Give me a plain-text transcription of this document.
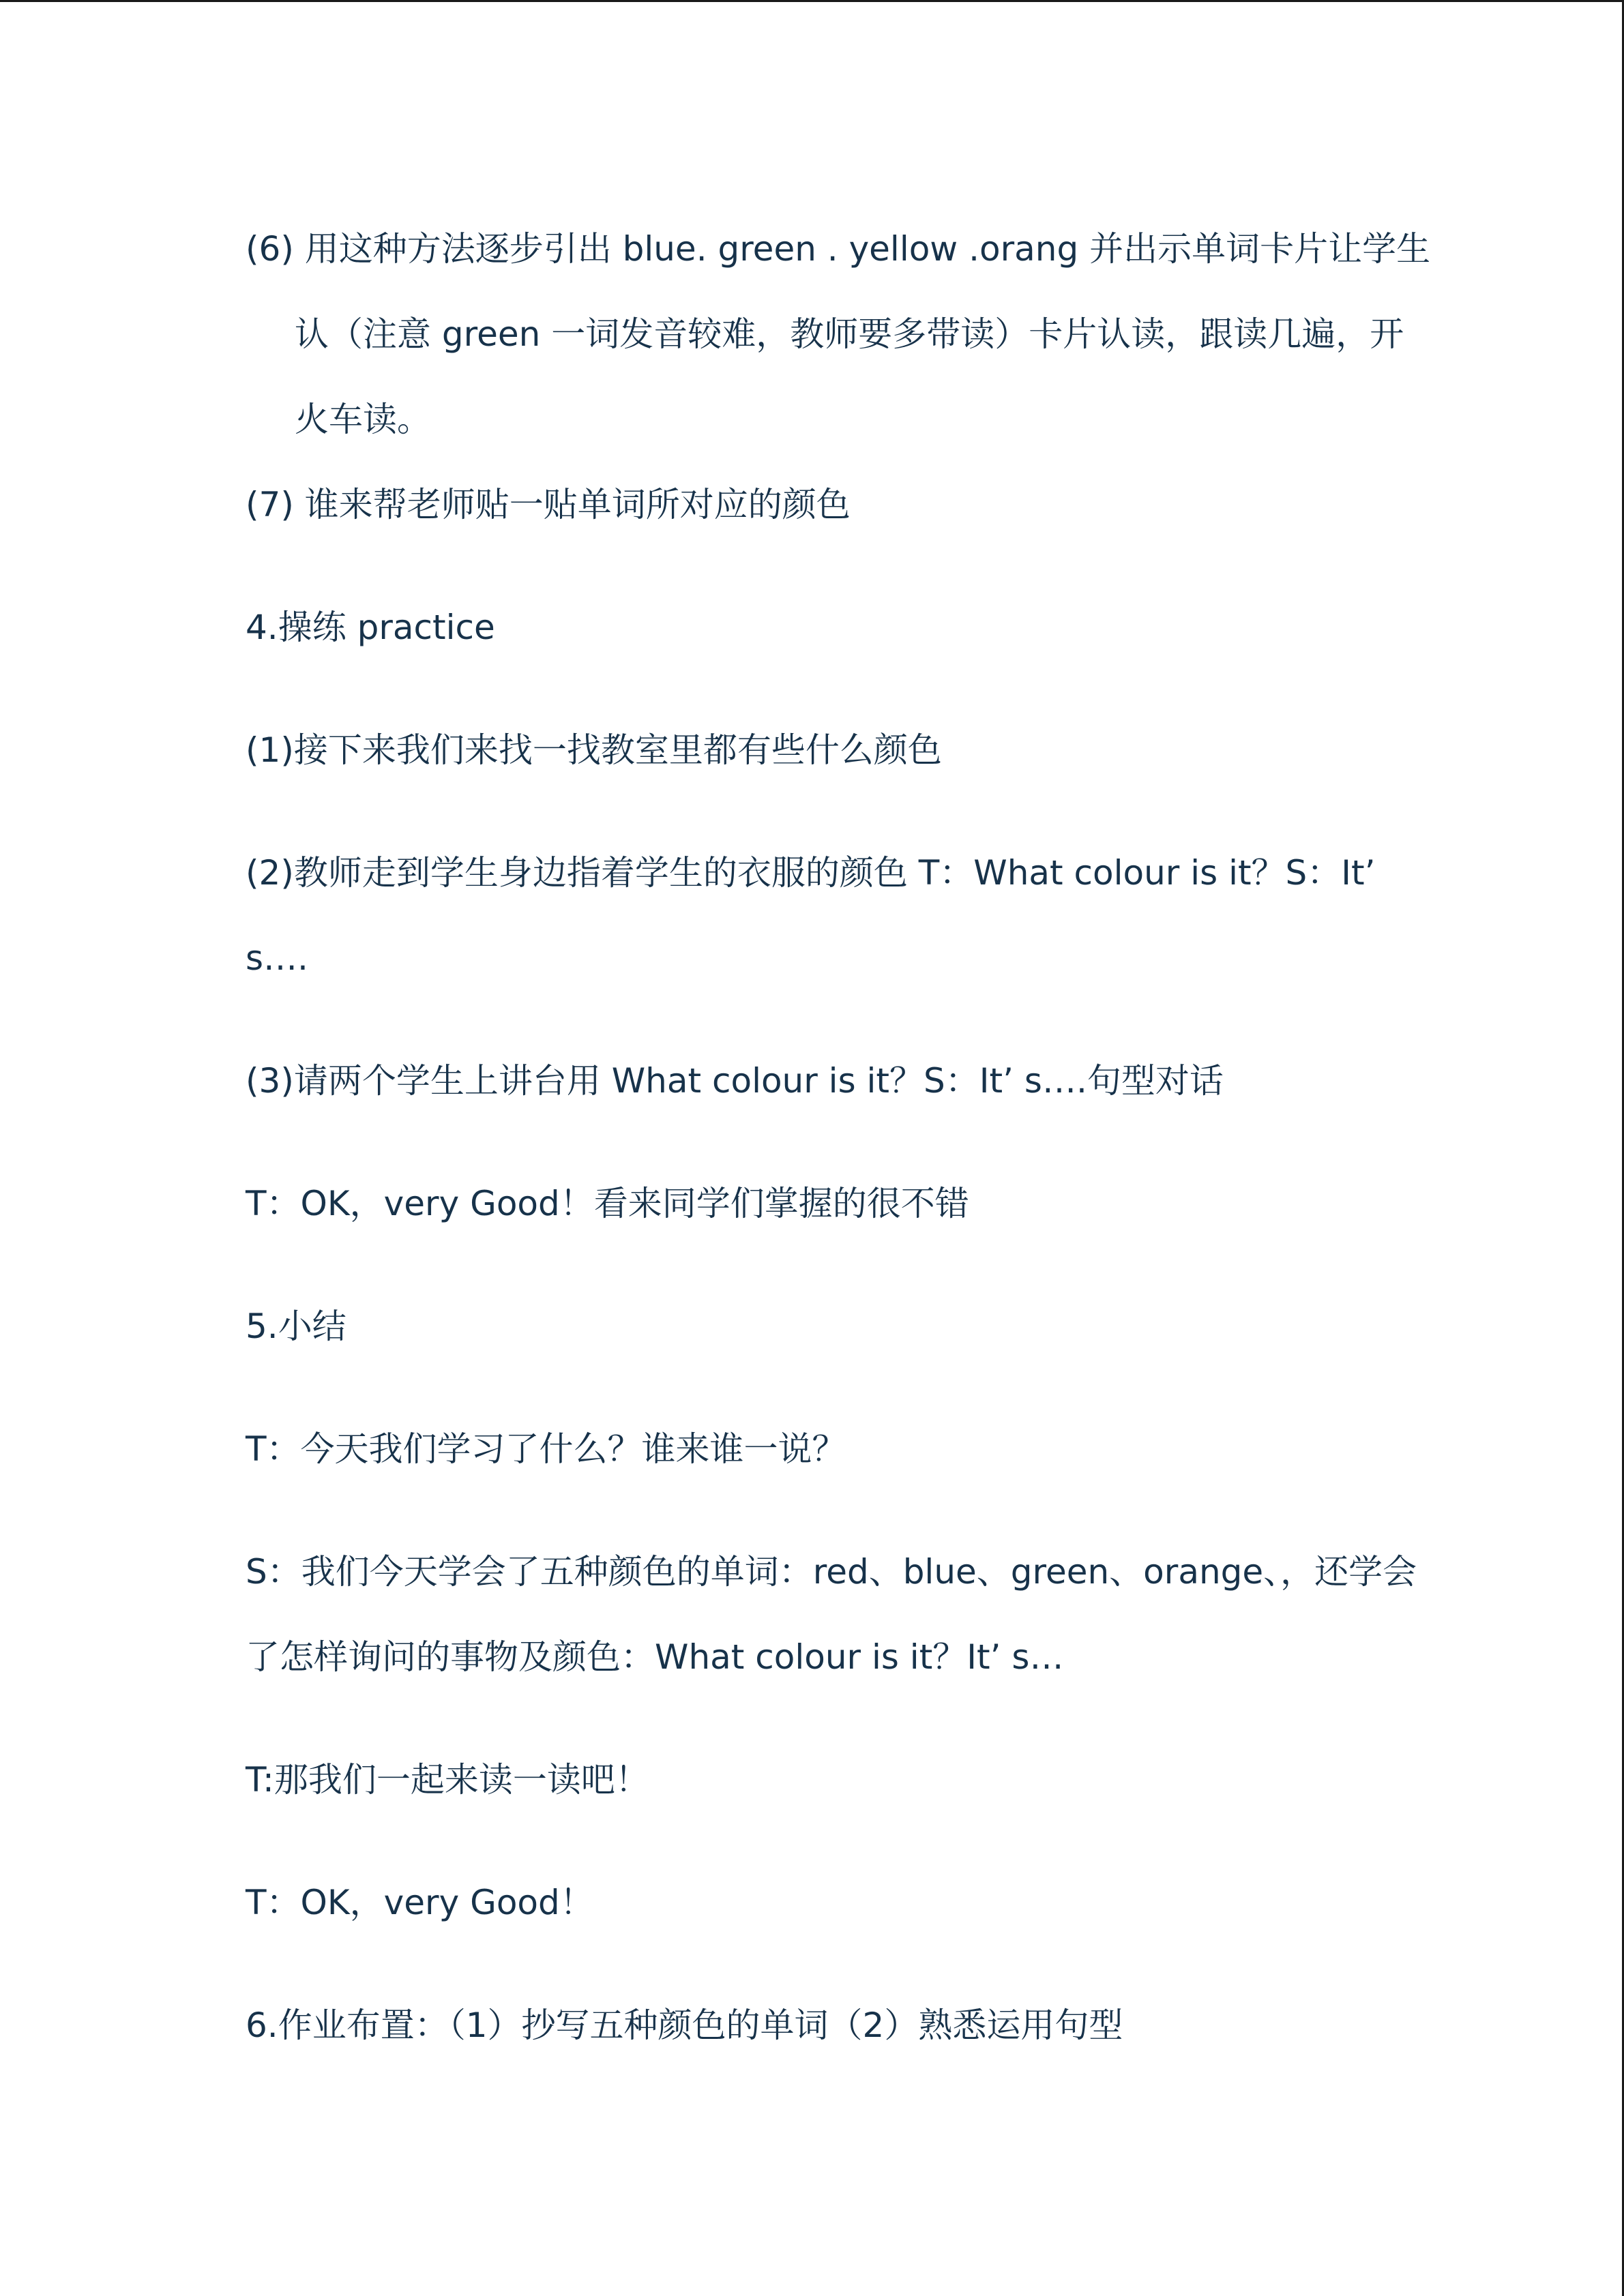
(6) 用这种方法逐步引出 blue. green . yellow .orang 并出示单词卡片让学生
认（注意 green 一词发音较难，教师要多带读）卡片认读，跟读几遍，开
火车读。
(7) 谁来帮老师贴一贴单词所对应的颜色
4.操练 practice
(1)接下来我们来找一找教室里都有些什么颜色
(2)教师走到学生身边指着学生的衣服的颜色 T：What colour is it？S：It’
s….
(3)请两个学生上讲台用 What colour is it？S：It’ s….句型对话
T：OK，very Good！看来同学们掌握的很不错
5.小结
T：今天我们学习了什么？谁来谁一说？
S：我们今天学会了五种颜色的单词：red、blue、green、orange、，还学会
了怎样询问的事物及颜色：What colour is it？It’ s…
T:那我们一起来读一读吧！
T：OK，very Good！
6.作业布置：（1）抄写五种颜色的单词（2）熟悉运用句型
